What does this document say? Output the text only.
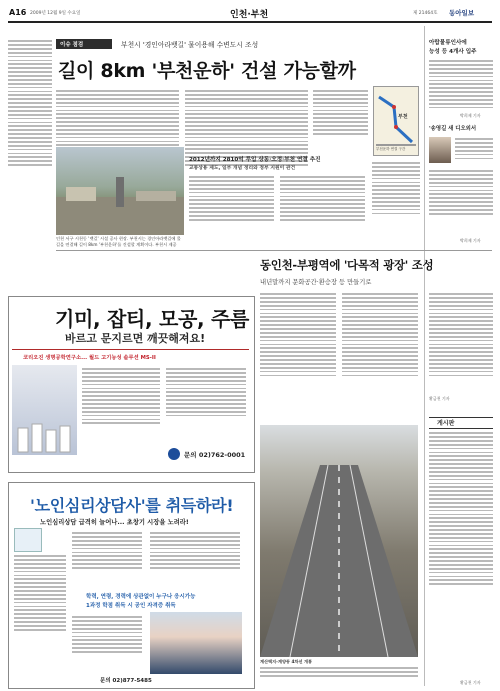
A16 2009년 12월 9일 수요일	인천·부천	제 21464호 동아일보
이슈 점검	부천시 '경인아라뱃길' 물이용해 수변도시 조성
길이 8km '부천운하' 건설 가능할까
부천
부천운하 연결 구간
인천 서구 시천동 '뱃길' 시설 공사 현장. 부천시는 경인아라뱃길에 물길을 연결해 길이 8km '부천운하'를 건설할 계획이다. 부천시 제공
2012년까지 2810억 투입 상동·오정·부천 연결 추진
교통상용 제도, 일부 개념 정리와 정부 지원이 관건
아랍물류인사에
능성 등 4개사 입주
박희제 기자
'송영길 새 디오외서
박희제 기자
동인천-부평역에 '다목적 광장' 조성
내년말까지 문화공간·환승장 등 만들기로
황금천 기자
계산택지-계양동 4차선 개통
게시판
황금천 기자
기미, 잡티, 모공, 주름
바르고 문지르면 깨끗해져요!
코리오진 생명공학연구소... 월드 고기능성 솔루션 MS-II
문의 02)762-0001
'노인심리상담사'를 취득하라!
노인심리상담 급격히 늘어나... 초창기 시장을 노려라!
학력, 연령, 경력에 상관없이 누구나 응시가능
1과정 학점 취득 시 공인 자격증 취득
문의 02)877-5485
